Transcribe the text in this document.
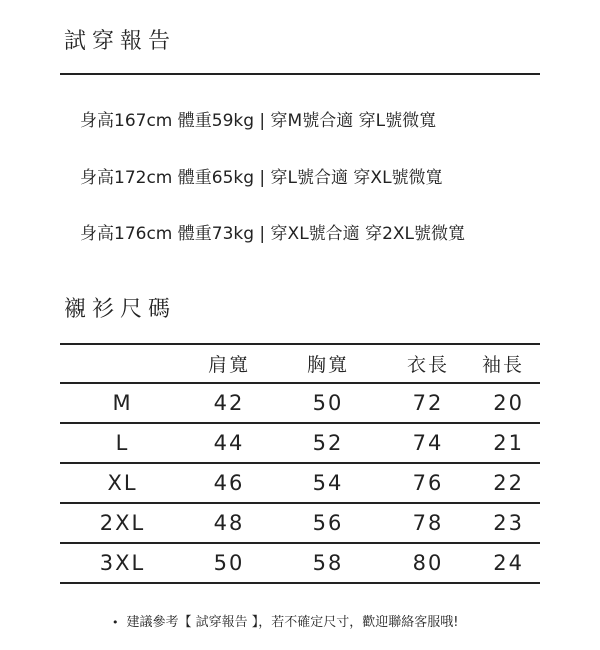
試穿報告
身高167cm 體重59kg | 穿M號合適 穿L號微寬
身高172cm 體重65kg | 穿L號合適 穿XL號微寬
身高176cm 體重73kg | 穿XL號合適 穿2XL號微寬
襯衫尺碼
	肩寬	胸寬	衣長	袖長
M	42	50	72	20
L	44	52	74	21
XL	46	54	76	22
2XL	48	56	78	23
3XL	50	58	80	24
• 建議參考【 試穿報告 】，若不確定尺寸，歡迎聯絡客服哦!
